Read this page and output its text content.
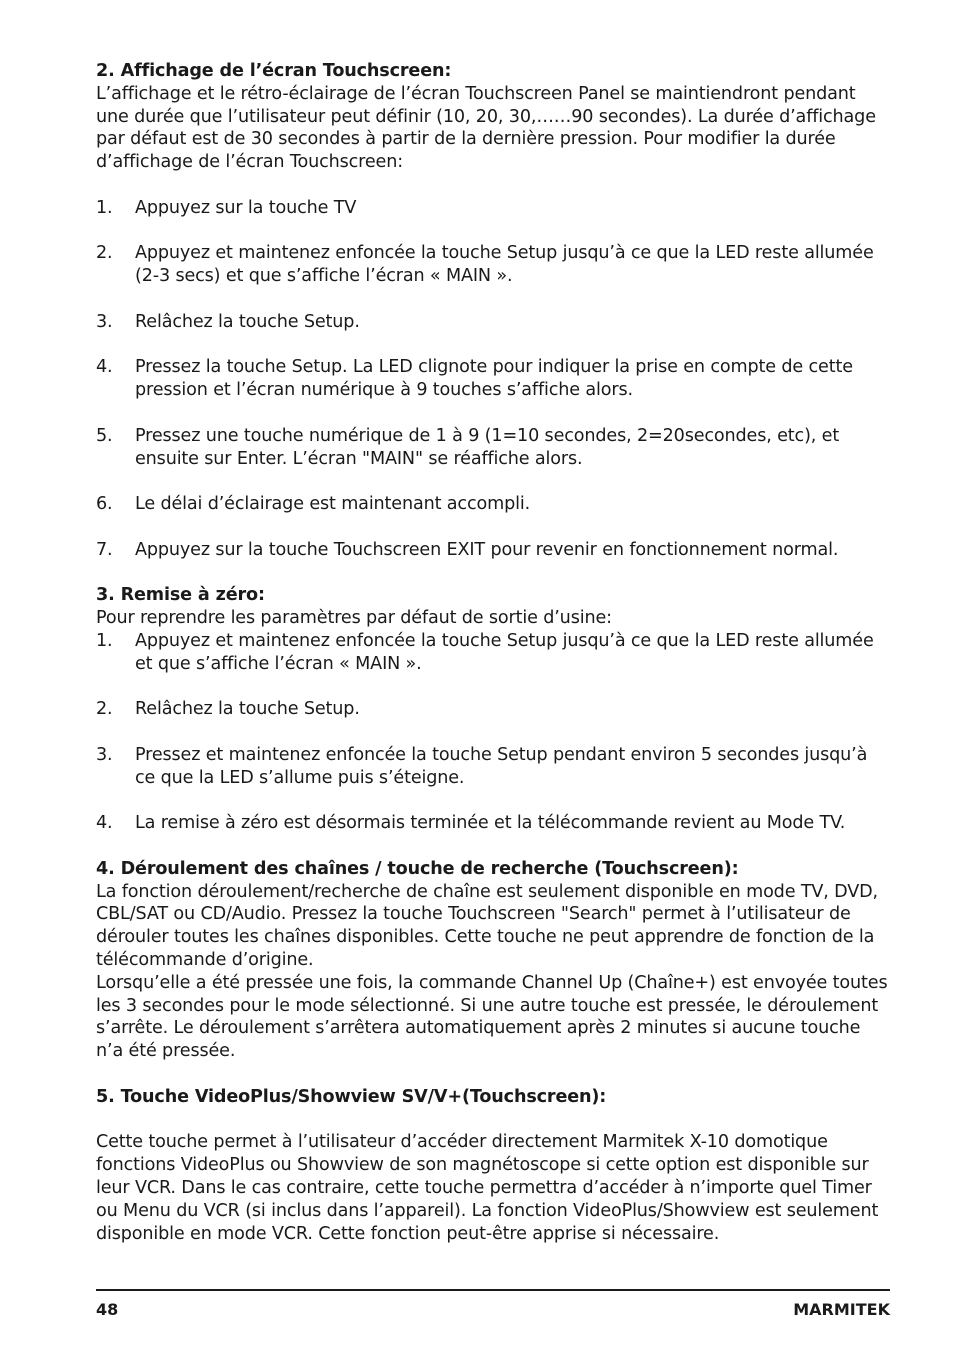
2. Affichage de l’écran Touchscreen:

L’affichage et le rétro-éclairage de l’écran Touchscreen Panel se maintiendront pendant une durée que l’utilisateur peut définir (10, 20, 30,……90 secondes). La durée d’affichage par défaut est de 30 secondes à partir de la dernière pression. Pour modifier la durée d’affichage de l’écran Touchscreen:

1. Appuyez sur la touche TV
2. Appuyez et maintenez enfoncée la touche Setup jusqu’à ce que la LED reste allumée (2-3 secs) et que s’affiche l’écran « MAIN ».
3. Relâchez la touche Setup.
4. Pressez la touche Setup. La LED clignote pour indiquer la prise en compte de cette pression et l’écran numérique à 9 touches s’affiche alors.
5. Pressez une touche numérique de 1 à 9 (1=10 secondes, 2=20secondes, etc), et ensuite sur Enter. L’écran "MAIN" se réaffiche alors.
6. Le délai d’éclairage est maintenant accompli.
7. Appuyez sur la touche Touchscreen EXIT pour revenir en fonctionnement normal.

3. Remise à zéro:

Pour reprendre les paramètres par défaut de sortie d’usine:

1. Appuyez et maintenez enfoncée la touche Setup jusqu’à ce que la LED reste allumée et que s’affiche l’écran « MAIN ».
2. Relâchez la touche Setup.
3. Pressez et maintenez enfoncée la touche Setup pendant environ 5 secondes jusqu’à ce que la LED s’allume puis s’éteigne.
4. La remise à zéro est désormais terminée et la télécommande revient au Mode TV.

4. Déroulement des chaînes / touche de recherche (Touchscreen):

La fonction déroulement/recherche de chaîne est seulement disponible en mode TV, DVD, CBL/SAT ou CD/Audio. Pressez la touche Touchscreen "Search" permet à l’utilisateur de dérouler toutes les chaînes disponibles. Cette touche ne peut apprendre de fonction de la télécommande d’origine.

Lorsqu’elle a été pressée une fois, la commande Channel Up (Chaîne+) est envoyée toutes les 3 secondes pour le mode sélectionné. Si une autre touche est pressée, le déroulement s’arrête. Le déroulement s’arrêtera automatiquement après 2 minutes si aucune touche n’a été pressée.

5. Touche VideoPlus/Showview SV/V+(Touchscreen):

Cette touche permet à l’utilisateur d’accéder directement Marmitek X-10 domotique fonctions VideoPlus ou Showview de son magnétoscope si cette option est disponible sur leur VCR. Dans le cas contraire, cette touche permettra d’accéder à n’importe quel Timer ou Menu du VCR (si inclus dans l’appareil). La fonction VideoPlus/Showview est seulement disponible en mode VCR. Cette fonction peut-être apprise si nécessaire.

48	MARMITEK
